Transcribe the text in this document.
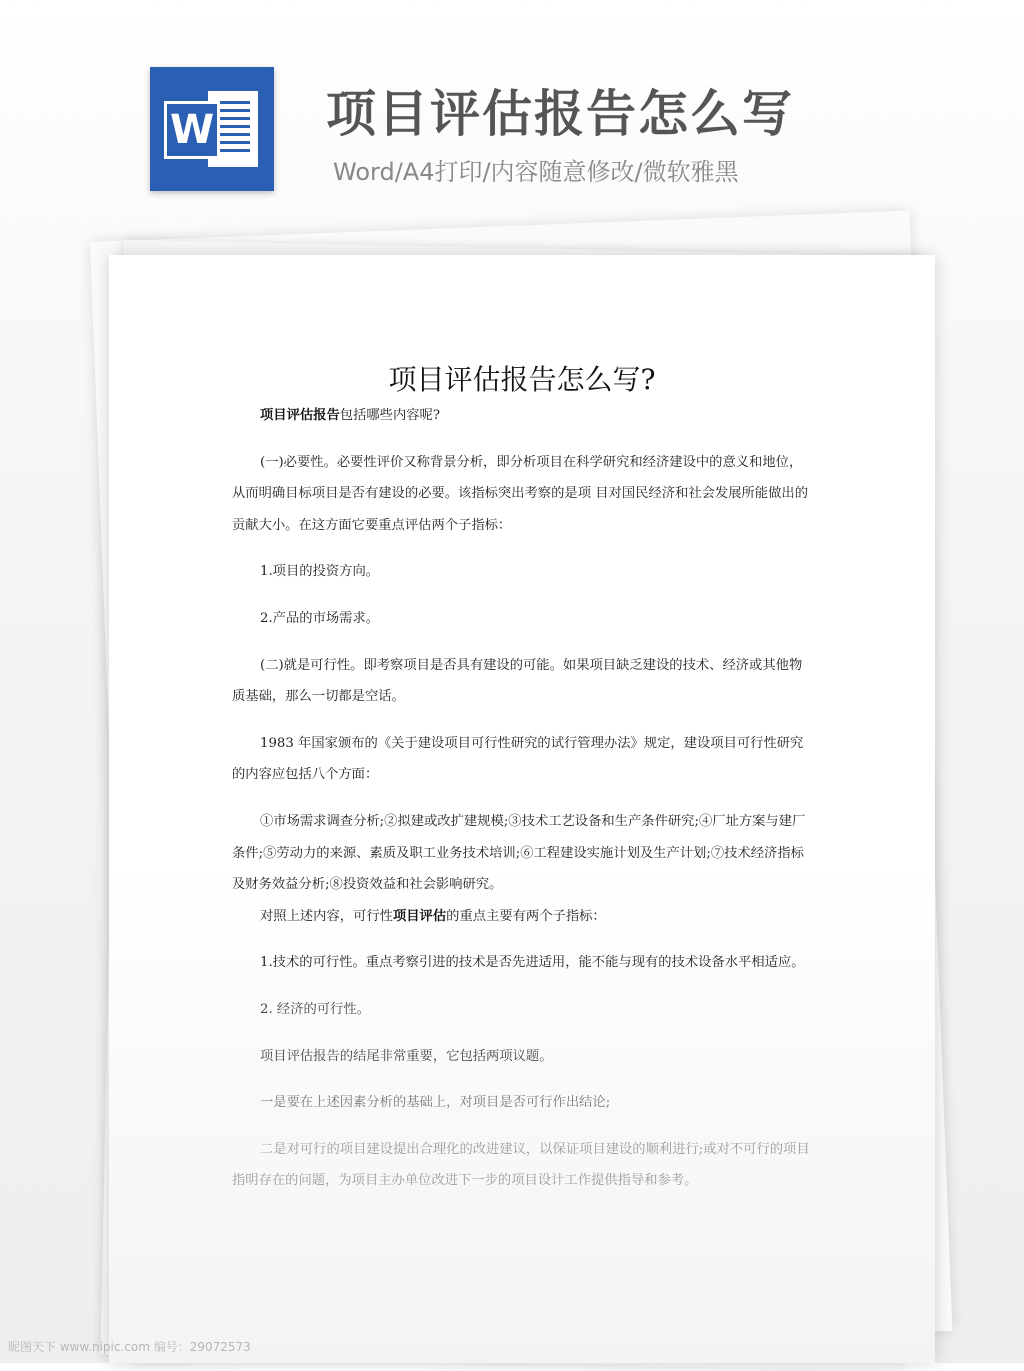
W 项目评估报告怎么写
Word/A4打印/内容随意修改/微软雅黑
项目评估报告怎么写?

项目评估报告包括哪些内容呢?

(一)必要性。必要性评价又称背景分析，即分析项目在科学研究和经济建设中的意义和地位，从而明确目标项目是否有建设的必要。该指标突出考察的是项 目对国民经济和社会发展所能做出的贡献大小。在这方面它要重点评估两个子指标：

1.项目的投资方向。

2.产品的市场需求。

(二)就是可行性。即考察项目是否具有建设的可能。如果项目缺乏建设的技术、经济或其他物质基础，那么一切都是空话。

1983 年国家颁布的《关于建设项目可行性研究的试行管理办法》规定，建设项目可行性研究的内容应包括八个方面：

①市场需求调查分析;②拟建或改扩建规模;③技术工艺设备和生产条件研究;④厂址方案与建厂条件;⑤劳动力的来源、素质及职工业务技术培训;⑥工程建设实施计划及生产计划;⑦技术经济指标及财务效益分析;⑧投资效益和社会影响研究。

对照上述内容，可行性项目评估的重点主要有两个子指标：

1.技术的可行性。重点考察引进的技术是否先进适用，能不能与现有的技术设备水平相适应。

2. 经济的可行性。

项目评估报告的结尾非常重要，它包括两项议题。

一是要在上述因素分析的基础上，对项目是否可行作出结论;

二是对可行的项目建设提出合理化的改进建议，以保证项目建设的顺利进行;或对不可行的项目指明存在的问题，为项目主办单位改进下一步的项目设计工作提供指导和参考。

昵图天下 www.nipic.com 编号：29072573
